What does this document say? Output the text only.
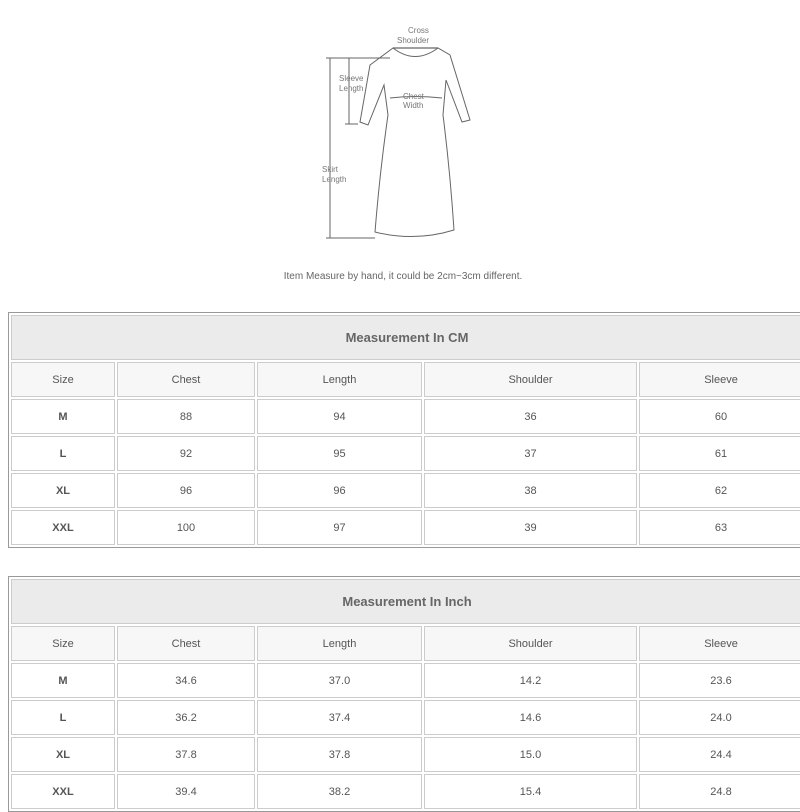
Cross
Shoulder
Sleeve
Length
Chest
Width
Skirt
Length
Item Measure by hand, it could be 2cm~3cm different.
Measurement In CM				
Size	Chest	Length	Shoulder	Sleeve
M	88	94	36	60
L	92	95	37	61
XL	96	96	38	62
XXL	100	97	39	63
Measurement In Inch				
Size	Chest	Length	Shoulder	Sleeve
M	34.6	37.0	14.2	23.6
L	36.2	37.4	14.6	24.0
XL	37.8	37.8	15.0	24.4
XXL	39.4	38.2	15.4	24.8
